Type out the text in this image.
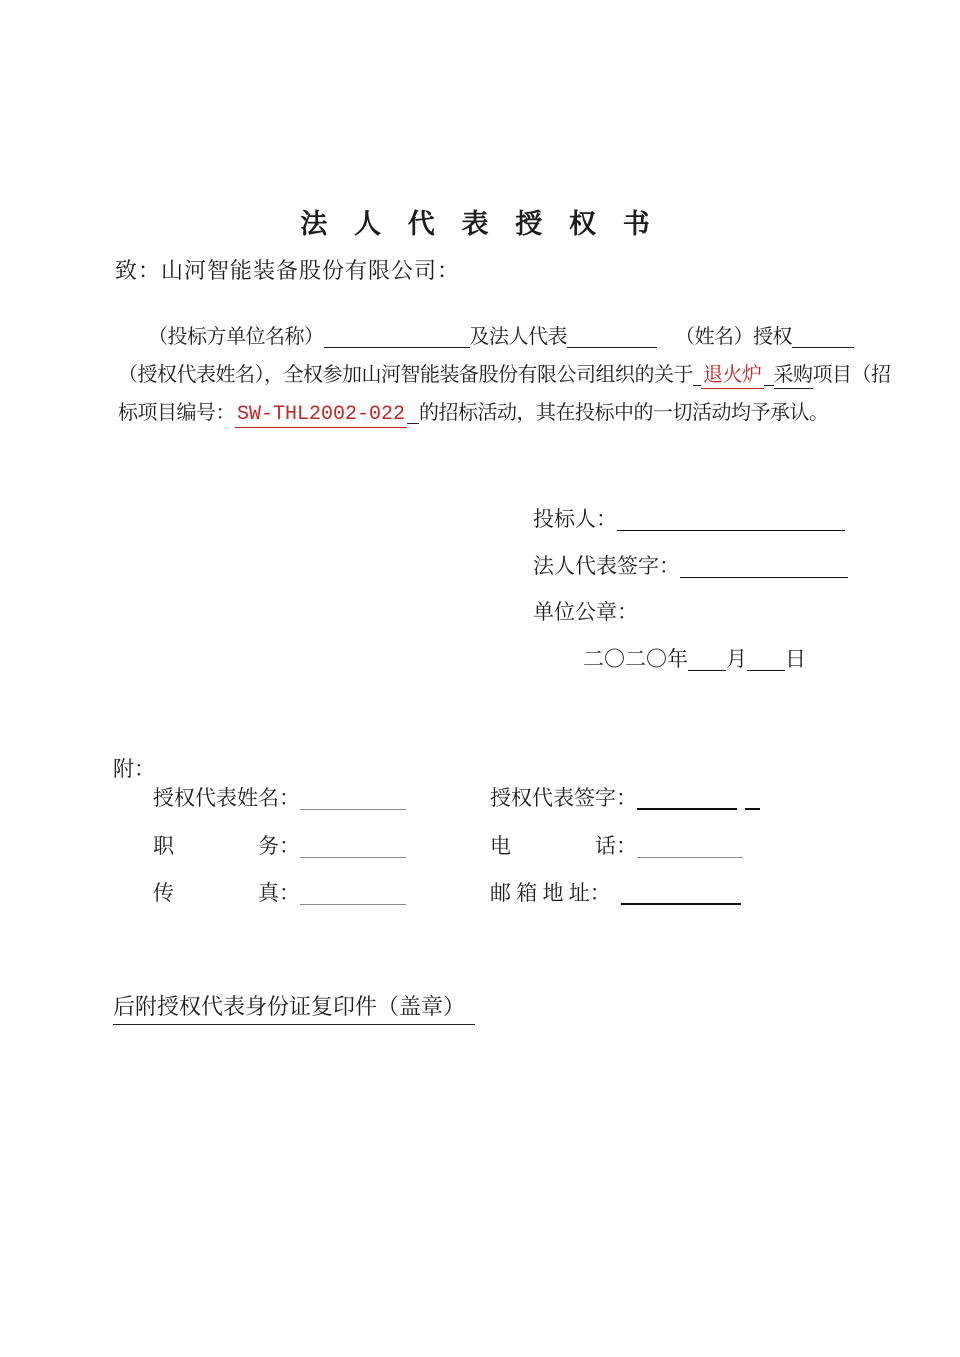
法 人 代 表 授 权 书
致：山河智能装备股份有限公司：
（投标方单位名称）	及法人代表	（姓名）授权
（授权代表姓名），全权参加山河智能装备股份有限公司组织的关于 退火炉 采购项目（招
标项目编号： SW-THL2002-022 的招标活动，其在投标中的一切活动均予承认。
投标人：
法人代表签字：
单位公章：
二〇二〇年 月 日
附：
授权代表姓名：	授权代表签字：
职　　　　务：	电　　　　话：
传　　　　真：	邮 箱 地 址：
后附授权代表身份证复印件（盖章）
